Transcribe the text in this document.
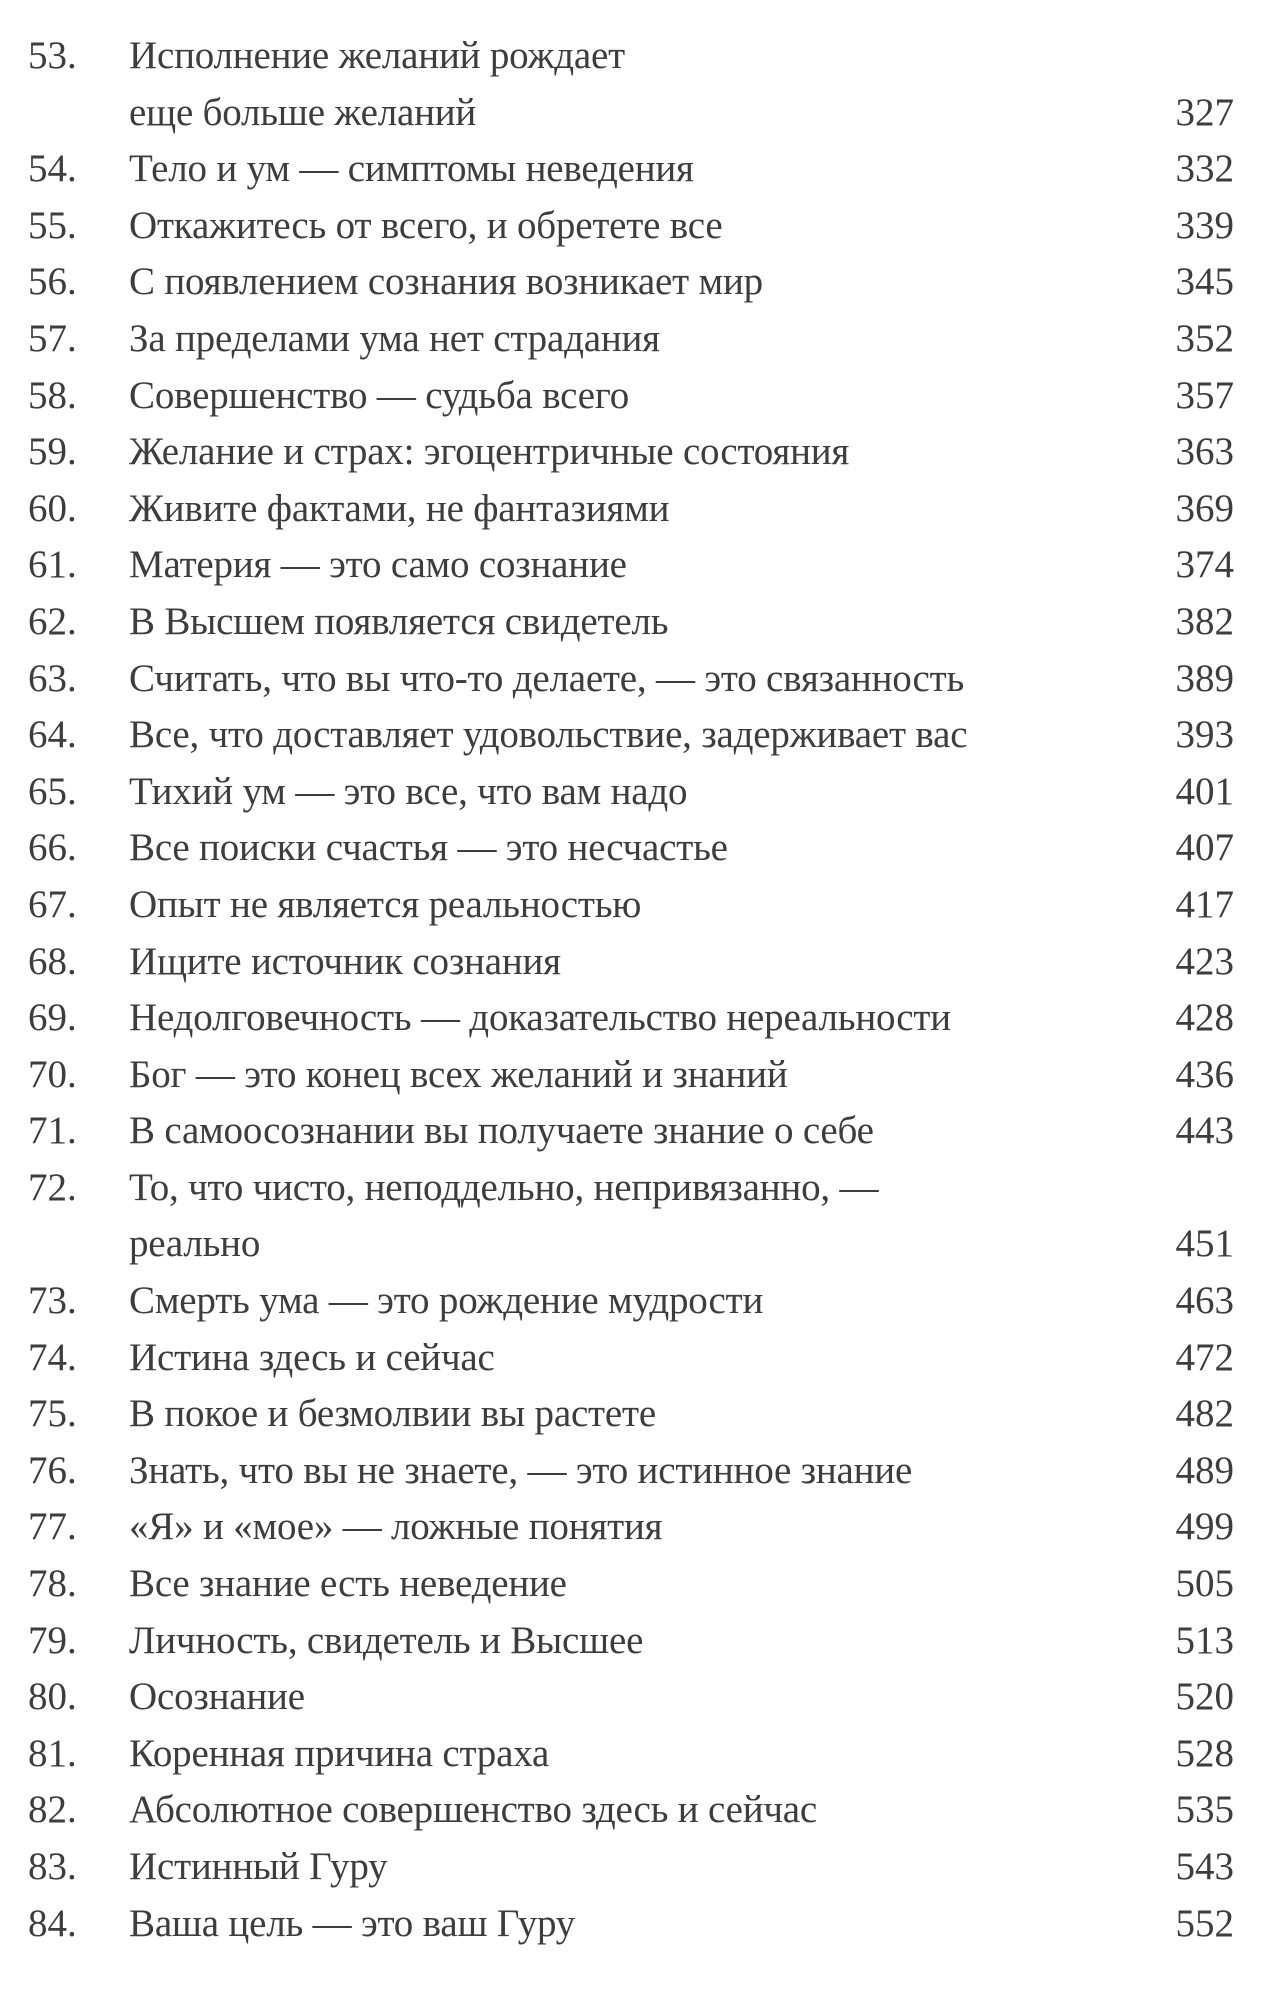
53. Исполнение желаний рождает
еще больше желаний	327
54. Тело и ум — симптомы неведения	332
55. Откажитесь от всего, и обретете все	339
56. С появлением сознания возникает мир	345
57. За пределами ума нет страдания	352
58. Совершенство — судьба всего	357
59. Желание и страх: эгоцентричные состояния	363
60. Живите фактами, не фантазиями	369
61. Материя — это само сознание	374
62. В Высшем появляется свидетель	382
63. Считать, что вы что-то делаете, — это связанность	389
64. Все, что доставляет удовольствие, задерживает вас	393
65. Тихий ум — это все, что вам надо	401
66. Все поиски счастья — это несчастье	407
67. Опыт не является реальностью	417
68. Ищите источник сознания	423
69. Недолговечность — доказательство нереальности	428
70. Бог — это конец всех желаний и знаний	436
71. В самоосознании вы получаете знание о себе	443
72. То, что чисто, неподдельно, непривязанно, —
реально	451
73. Смерть ума — это рождение мудрости	463
74. Истина здесь и сейчас	472
75. В покое и безмолвии вы растете	482
76. Знать, что вы не знаете, — это истинное знание	489
77. «Я» и «мое» — ложные понятия	499
78. Все знание есть неведение	505
79. Личность, свидетель и Высшее	513
80. Осознание	520
81. Коренная причина страха	528
82. Абсолютное совершенство здесь и сейчас	535
83. Истинный Гуру	543
84. Ваша цель — это ваш Гуру	552
